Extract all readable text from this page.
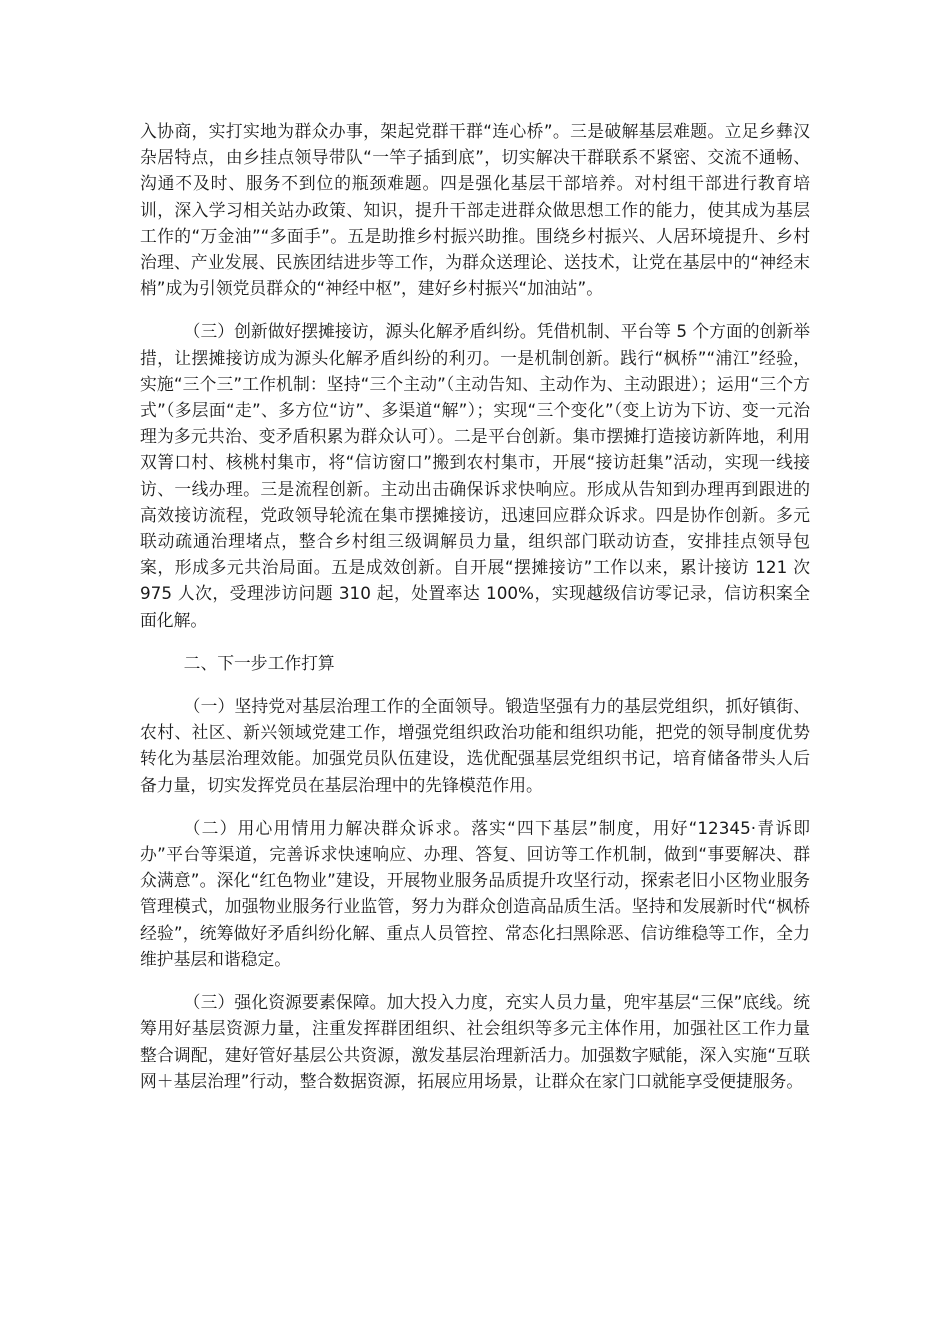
入协商，实打实地为群众办事，架起党群干群“连心桥”。三是破解基层难题。立足乡彝汉杂居特点，由乡挂点领导带队“一竿子插到底”，切实解决干群联系不紧密、交流不通畅、沟通不及时、服务不到位的瓶颈难题。四是强化基层干部培养。对村组干部进行教育培训，深入学习相关站办政策、知识，提升干部走进群众做思想工作的能力，使其成为基层工作的“万金油”“多面手”。五是助推乡村振兴助推。围绕乡村振兴、人居环境提升、乡村治理、产业发展、民族团结进步等工作，为群众送理论、送技术，让党在基层中的“神经末梢”成为引领党员群众的“神经中枢”，建好乡村振兴“加油站”。

（三）创新做好摆摊接访，源头化解矛盾纠纷。凭借机制、平台等 5 个方面的创新举措，让摆摊接访成为源头化解矛盾纠纷的利刃。一是机制创新。践行“枫桥”“浦江”经验，实施“三个三”工作机制：坚持“三个主动”（主动告知、主动作为、主动跟进）；运用“三个方式”（多层面“走”、多方位“访”、多渠道“解”）；实现“三个变化”（变上访为下访、变一元治理为多元共治、变矛盾积累为群众认可）。二是平台创新。集市摆摊打造接访新阵地，利用双箐口村、核桃村集市，将“信访窗口”搬到农村集市，开展“接访赶集”活动，实现一线接访、一线办理。三是流程创新。主动出击确保诉求快响应。形成从告知到办理再到跟进的高效接访流程，党政领导轮流在集市摆摊接访，迅速回应群众诉求。四是协作创新。多元联动疏通治理堵点，整合乡村组三级调解员力量，组织部门联动访查，安排挂点领导包案，形成多元共治局面。五是成效创新。自开展“摆摊接访”工作以来，累计接访 121 次 975 人次，受理涉访问题 310 起，处置率达 100%，实现越级信访零记录，信访积案全面化解。

二、下一步工作打算

（一）坚持党对基层治理工作的全面领导。锻造坚强有力的基层党组织，抓好镇街、农村、社区、新兴领域党建工作，增强党组织政治功能和组织功能，把党的领导制度优势转化为基层治理效能。加强党员队伍建设，选优配强基层党组织书记，培育储备带头人后备力量，切实发挥党员在基层治理中的先锋模范作用。

（二）用心用情用力解决群众诉求。落实“四下基层”制度，用好“12345·青诉即办”平台等渠道，完善诉求快速响应、办理、答复、回访等工作机制，做到“事要解决、群众满意”。深化“红色物业”建设，开展物业服务品质提升攻坚行动，探索老旧小区物业服务管理模式，加强物业服务行业监管，努力为群众创造高品质生活。坚持和发展新时代“枫桥经验”，统筹做好矛盾纠纷化解、重点人员管控、常态化扫黑除恶、信访维稳等工作，全力维护基层和谐稳定。

（三）强化资源要素保障。加大投入力度，充实人员力量，兜牢基层“三保”底线。统筹用好基层资源力量，注重发挥群团组织、社会组织等多元主体作用，加强社区工作力量整合调配，建好管好基层公共资源，激发基层治理新活力。加强数字赋能，深入实施“互联网＋基层治理”行动，整合数据资源，拓展应用场景，让群众在家门口就能享受便捷服务。
